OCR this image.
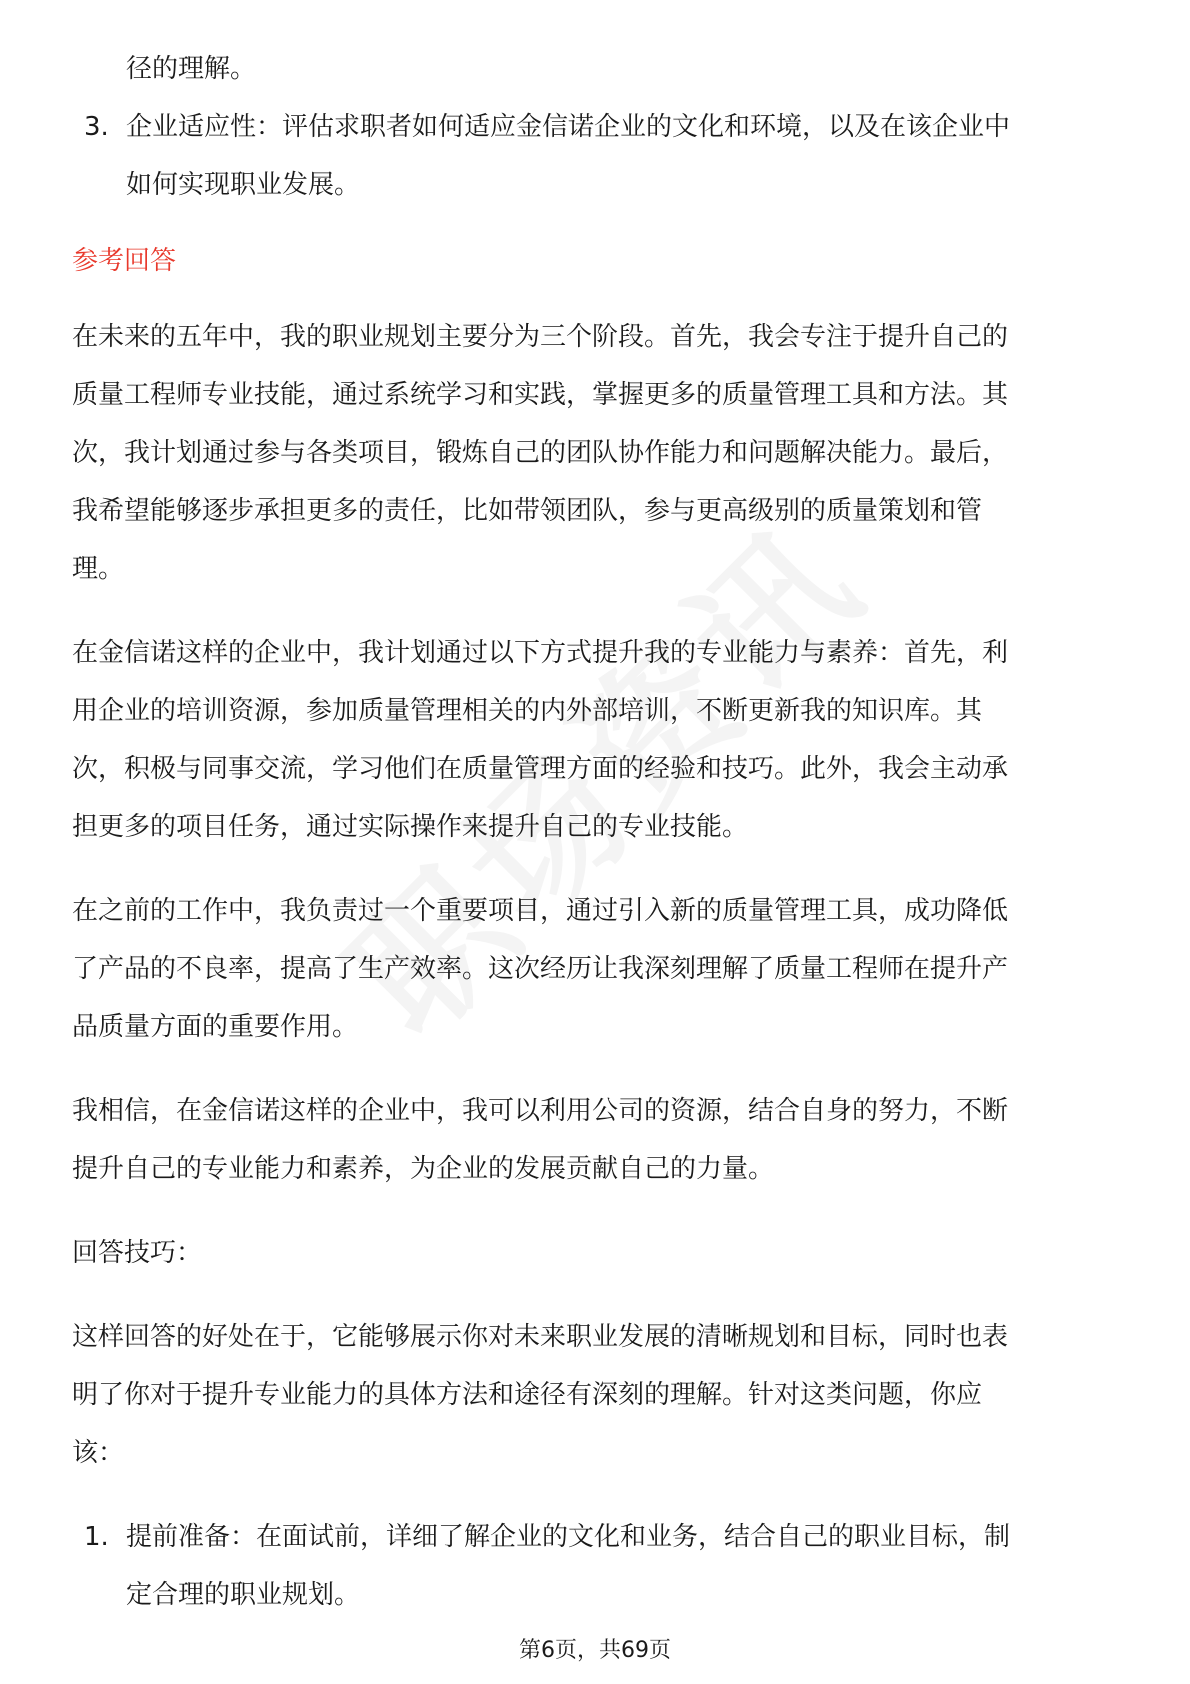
径的理解。
3. 企业适应性：评估求职者如何适应金信诺企业的文化和环境，以及在该企业中
如何实现职业发展。
参考回答
在未来的五年中，我的职业规划主要分为三个阶段。首先，我会专注于提升自己的
质量工程师专业技能，通过系统学习和实践，掌握更多的质量管理工具和方法。其
次，我计划通过参与各类项目，锻炼自己的团队协作能力和问题解决能力。最后，
我希望能够逐步承担更多的责任，比如带领团队，参与更高级别的质量策划和管
理。
在金信诺这样的企业中，我计划通过以下方式提升我的专业能力与素养：首先，利
用企业的培训资源，参加质量管理相关的内外部培训，不断更新我的知识库。其
次，积极与同事交流，学习他们在质量管理方面的经验和技巧。此外，我会主动承
担更多的项目任务，通过实际操作来提升自己的专业技能。
在之前的工作中，我负责过一个重要项目，通过引入新的质量管理工具，成功降低
了产品的不良率，提高了生产效率。这次经历让我深刻理解了质量工程师在提升产
品质量方面的重要作用。
我相信，在金信诺这样的企业中，我可以利用公司的资源，结合自身的努力，不断
提升自己的专业能力和素养，为企业的发展贡献自己的力量。
回答技巧：
这样回答的好处在于，它能够展示你对未来职业发展的清晰规划和目标，同时也表
明了你对于提升专业能力的具体方法和途径有深刻的理解。针对这类问题，你应
该：
1. 提前准备：在面试前，详细了解企业的文化和业务，结合自己的职业目标，制
定合理的职业规划。
第6页，共69页
